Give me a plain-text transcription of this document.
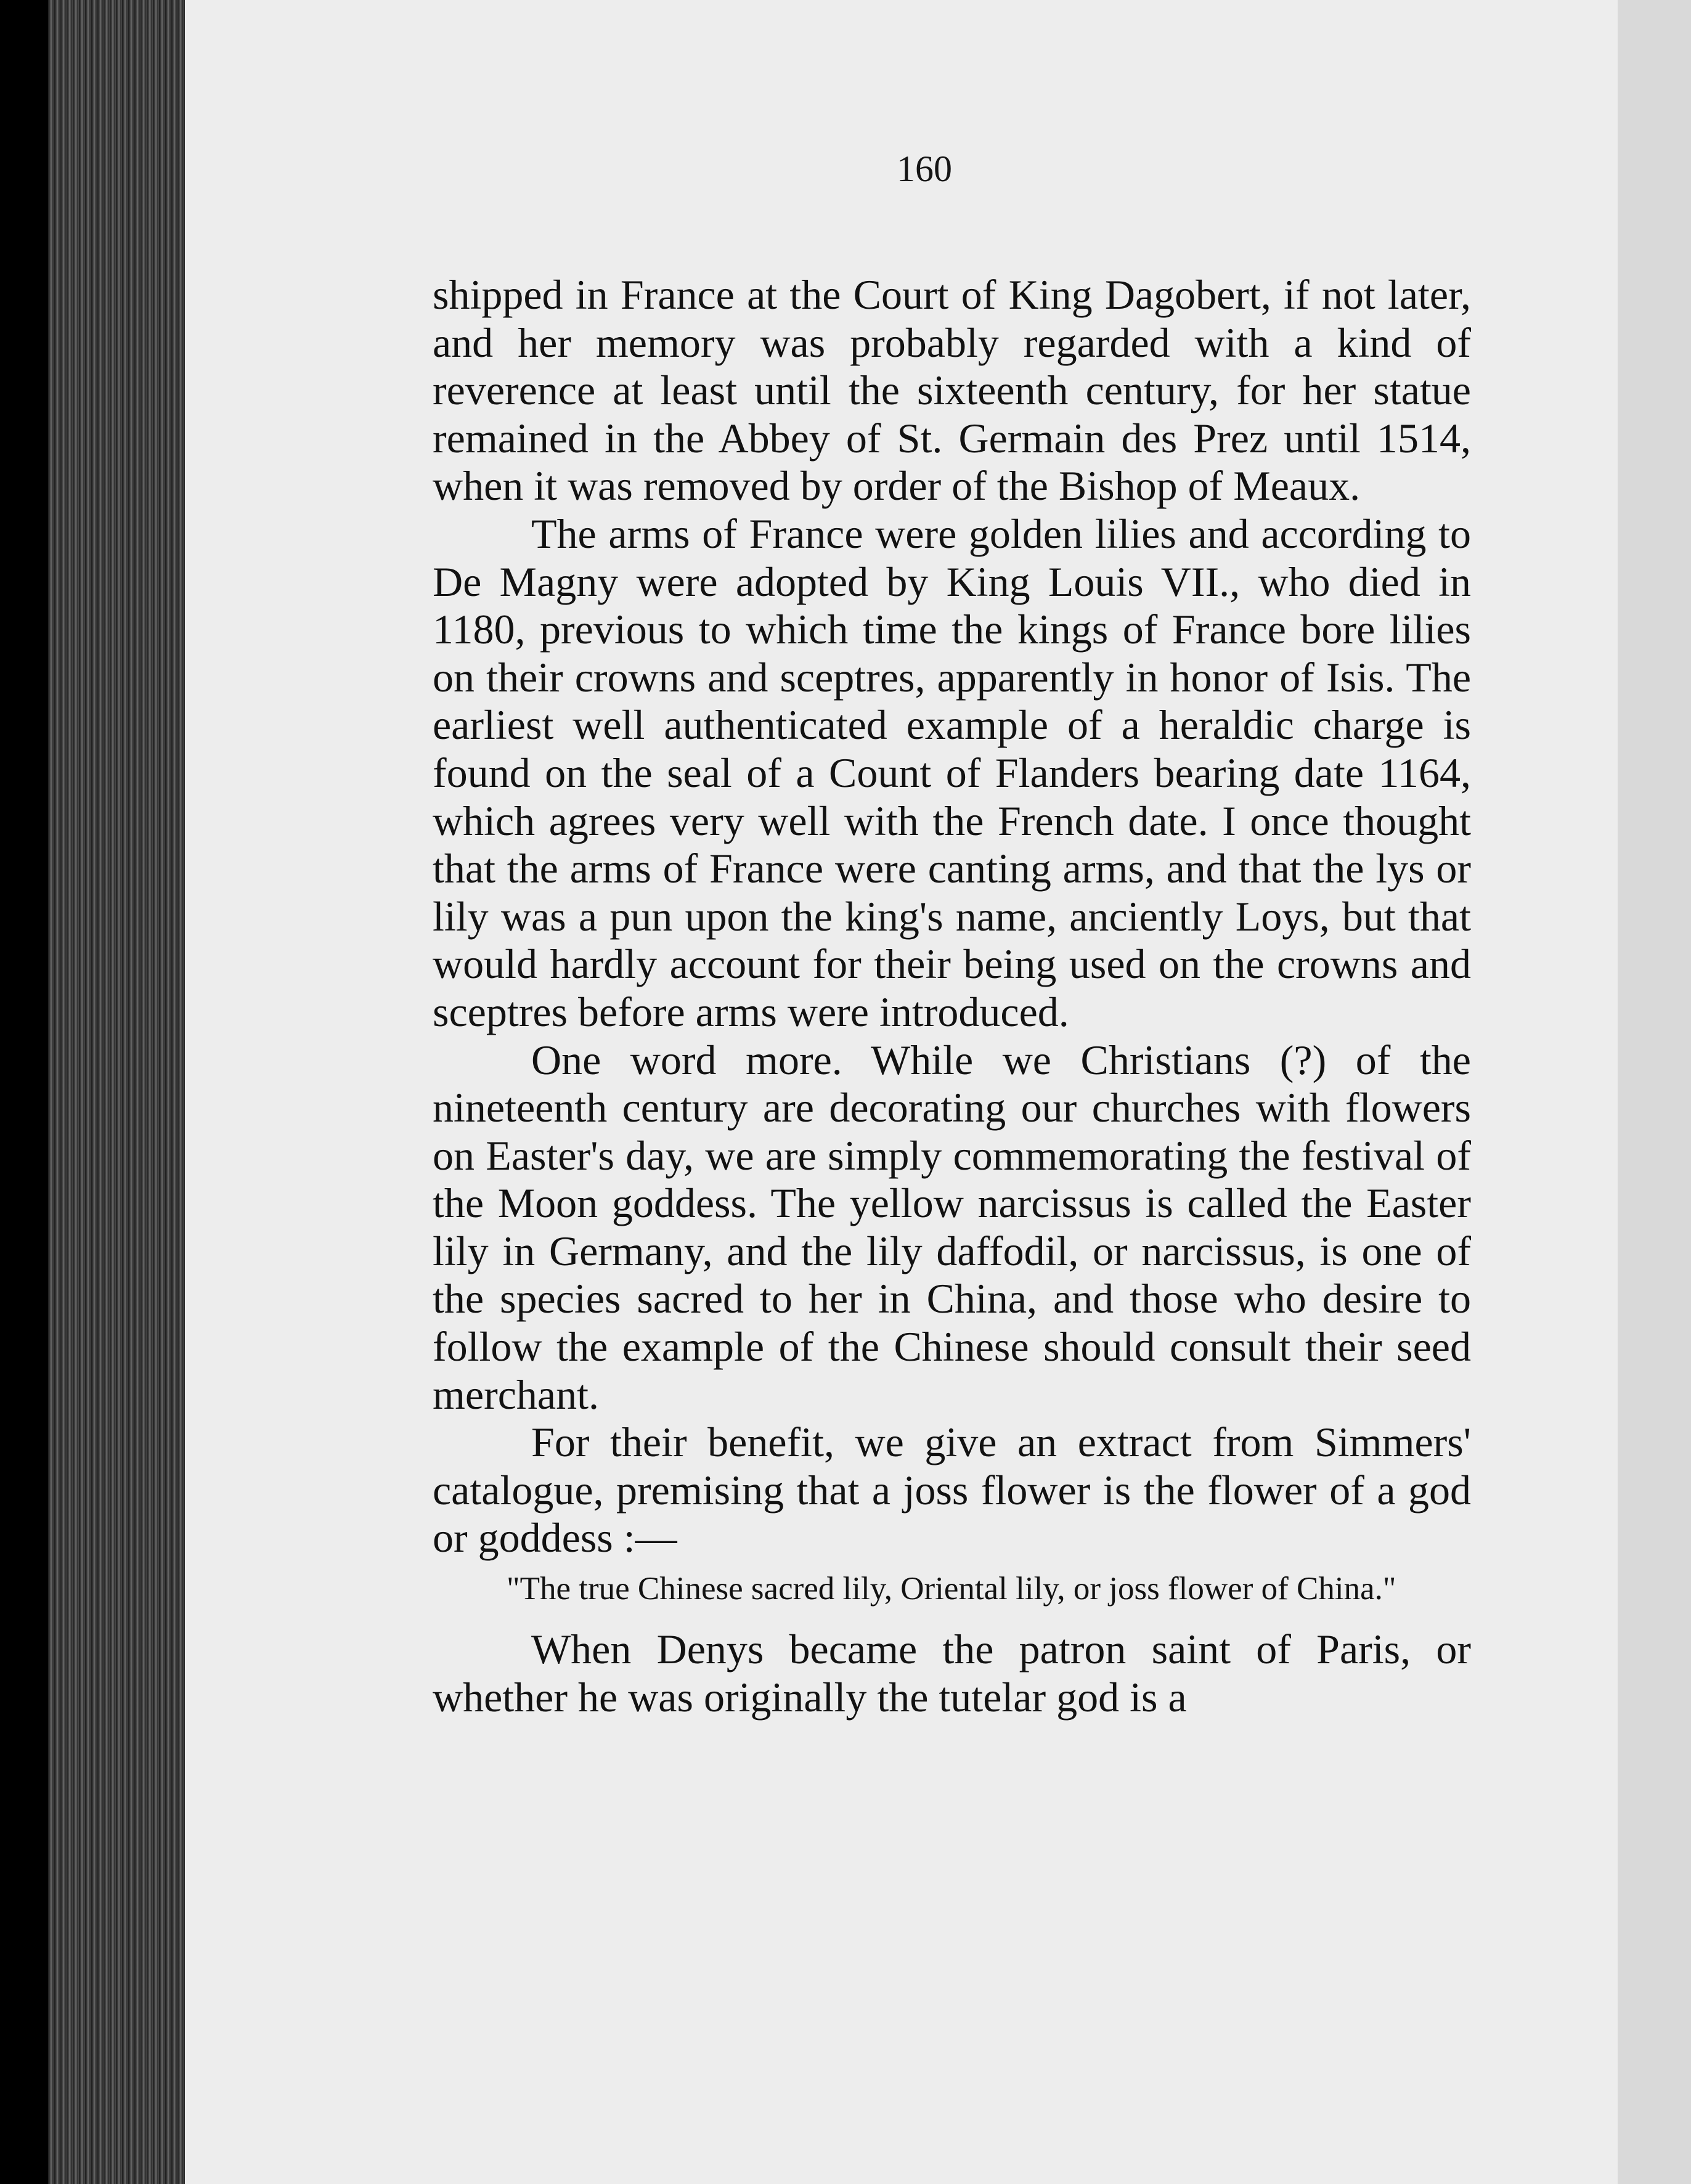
160

shipped in France at the Court of King Dagobert, if not later, and her memory was probably regarded with a kind of reverence at least until the sixteenth century, for her statue remained in the Abbey of St. Germain des Prez until 1514, when it was removed by order of the Bishop of Meaux.

The arms of France were golden lilies and according to De Magny were adopted by King Louis VII., who died in 1180, previous to which time the kings of France bore lilies on their crowns and sceptres, apparently in honor of Isis. The earliest well authenticated example of a heraldic charge is found on the seal of a Count of Flanders bearing date 1164, which agrees very well with the French date. I once thought that the arms of France were canting arms, and that the lys or lily was a pun upon the king's name, anciently Loys, but that would hardly account for their being used on the crowns and sceptres before arms were introduced.

One word more. While we Christians (?) of the nineteenth century are decorating our churches with flowers on Easter's day, we are simply commemorating the festival of the Moon goddess. The yellow narcissus is called the Easter lily in Germany, and the lily daffodil, or narcissus, is one of the species sacred to her in China, and those who desire to follow the example of the Chinese should consult their seed merchant.

For their benefit, we give an extract from Simmers' catalogue, premising that a joss flower is the flower of a god or goddess :—

"The true Chinese sacred lily, Oriental lily, or joss flower of China."

When Denys became the patron saint of Paris, or whether he was originally the tutelar god is a
